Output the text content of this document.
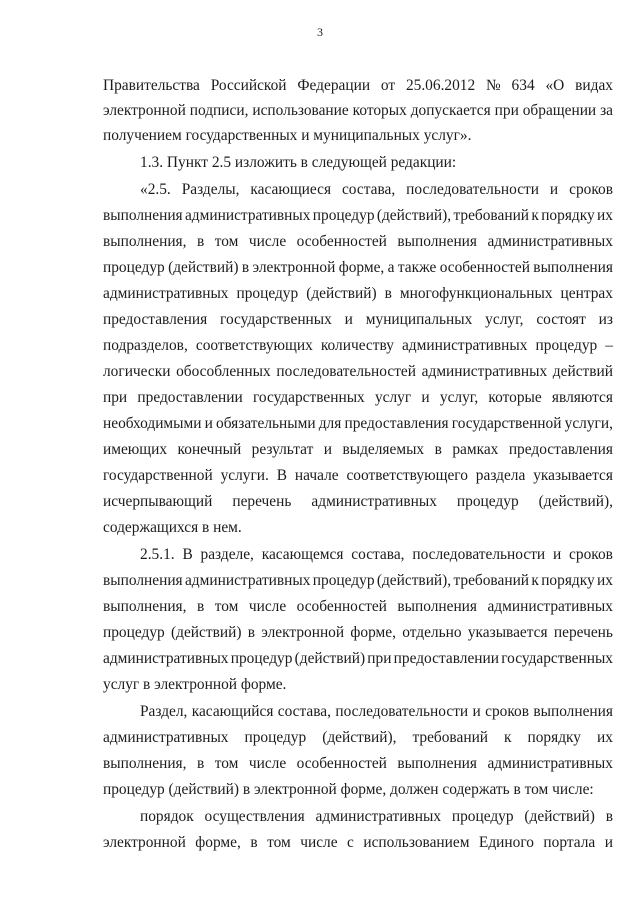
3
Правительства Российской Федерации от 25.06.2012 № 634 «О видах
электронной подписи, использование которых допускается при обращении за
получением государственных и муниципальных услуг».
1.3. Пункт 2.5 изложить в следующей редакции:
«2.5. Разделы, касающиеся состава, последовательности и сроков
выполнения административных процедур (действий), требований к порядку их
выполнения, в том числе особенностей выполнения административных
процедур (действий) в электронной форме, а также особенностей выполнения
административных процедур (действий) в многофункциональных центрах
предоставления государственных и муниципальных услуг, состоят из
подразделов, соответствующих количеству административных процедур –
логически обособленных последовательностей административных действий
при предоставлении государственных услуг и услуг, которые являются
необходимыми и обязательными для предоставления государственной услуги,
имеющих конечный результат и выделяемых в рамках предоставления
государственной услуги. В начале соответствующего раздела указывается
исчерпывающий перечень административных процедур (действий),
содержащихся в нем.
2.5.1. В разделе, касающемся состава, последовательности и сроков
выполнения административных процедур (действий), требований к порядку их
выполнения, в том числе особенностей выполнения административных
процедур (действий) в электронной форме, отдельно указывается перечень
административных процедур (действий) при предоставлении государственных
услуг в электронной форме.
Раздел, касающийся состава, последовательности и сроков выполнения
административных процедур (действий), требований к порядку их
выполнения, в том числе особенностей выполнения административных
процедур (действий) в электронной форме, должен содержать в том числе:
порядок осуществления административных процедур (действий) в
электронной форме, в том числе с использованием Единого портала и
